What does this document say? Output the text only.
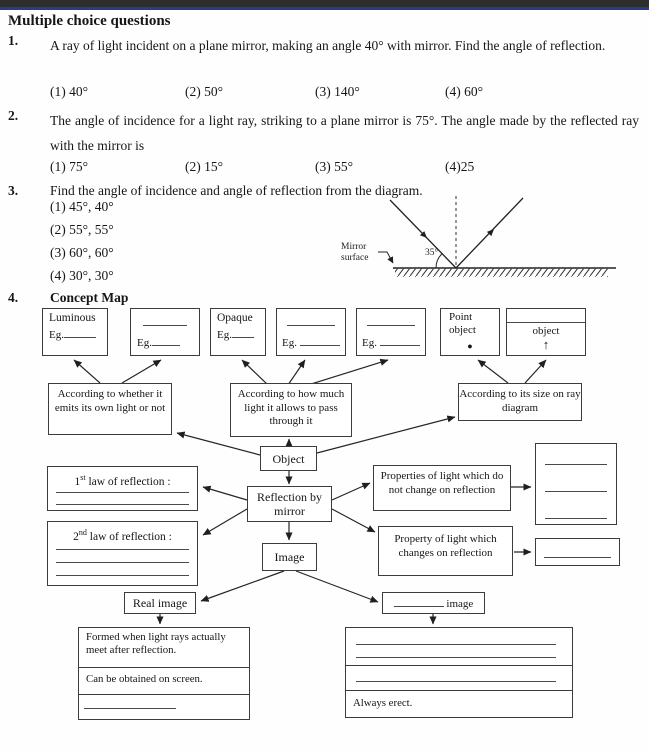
Multiple choice questions
1.	A ray of light incident on a plane mirror, making an angle 40° with mirror. Find the angle of reflection.
(1) 40°	(2) 50°	(3) 140°	(4) 60°
2.	The angle of incidence for a light ray, striking to a plane mirror is 75°. The angle made by the reflected ray with the mirror is
(1) 75°	(2) 15°	(3) 55°	(4)25
3.	Find the angle of incidence and angle of reflection from the diagram.
(1) 45°, 40°
(2) 55°, 55°
(3) 60°, 60°
(4) 30°, 30°
Mirror
surface	35°
4.	Concept Map
Luminous
Eg.
Eg.
Opaque
Eg.
Eg.	Eg.
Point object
●
object
↑
According to whether it emits its own light or not
According to how much light it allows to pass through it
According to its size on ray diagram
Object
Reflection by mirror
1st law of reflection :
2nd law of reflection :
Properties of light which do not change on reflection
Property of light which changes on reflection
Image
Real image	image
Formed when light rays actually meet after reflection.
Can be obtained on screen.
Always erect.
